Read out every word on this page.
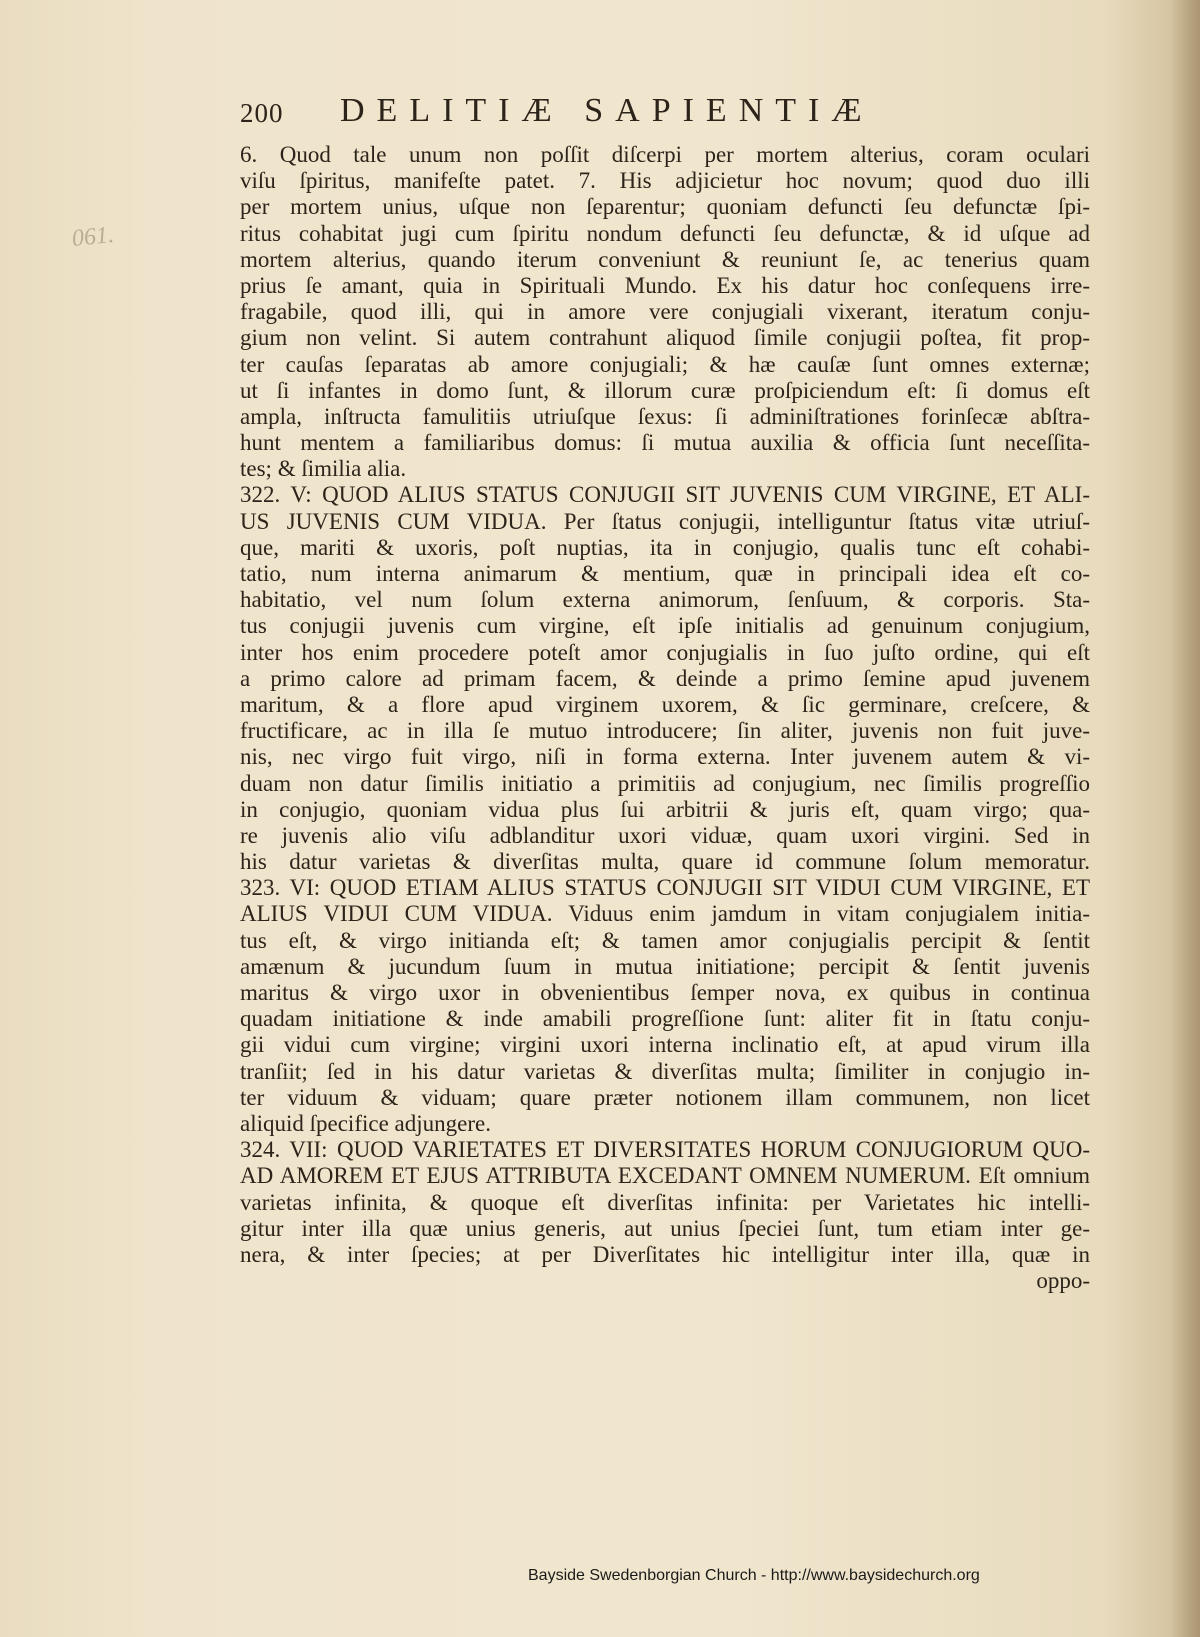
200 DELITIÆ SAPIENTIÆ
061.
6. Quod tale unum non poſſit diſcerpi per mortem alterius, coram oculari
viſu ſpiritus, manifeſte patet. 7. His adjicietur hoc novum; quod duo illi
per mortem unius, uſque non ſeparentur; quoniam defuncti ſeu defunctæ ſpi-
ritus cohabitat jugi cum ſpiritu nondum defuncti ſeu defunctæ, & id uſque ad
mortem alterius, quando iterum conveniunt & reuniunt ſe, ac tenerius quam
prius ſe amant, quia in Spirituali Mundo. Ex his datur hoc conſequens irre-
fragabile, quod illi, qui in amore vere conjugiali vixerant, iteratum conju-
gium non velint. Si autem contrahunt aliquod ſimile conjugii poſtea, fit prop-
ter cauſas ſeparatas ab amore conjugiali; & hæ cauſæ ſunt omnes externæ;
ut ſi infantes in domo ſunt, & illorum curæ proſpiciendum eſt: ſi domus eſt
ampla, inſtructa famulitiis utriuſque ſexus: ſi adminiſtrationes forinſecæ abſtra-
hunt mentem a familiaribus domus: ſi mutua auxilia & officia ſunt neceſſita-
tes; & ſimilia alia.
322. V: QUOD ALIUS STATUS CONJUGII SIT JUVENIS CUM VIRGINE, ET ALI-
US JUVENIS CUM VIDUA. Per ſtatus conjugii, intelliguntur ſtatus vitæ utriuſ-
que, mariti & uxoris, poſt nuptias, ita in conjugio, qualis tunc eſt cohabi-
tatio, num interna animarum & mentium, quæ in principali idea eſt co-
habitatio, vel num ſolum externa animorum, ſenſuum, & corporis. Sta-
tus conjugii juvenis cum virgine, eſt ipſe initialis ad genuinum conjugium,
inter hos enim procedere poteſt amor conjugialis in ſuo juſto ordine, qui eſt
a primo calore ad primam facem, & deinde a primo ſemine apud juvenem
maritum, & a flore apud virginem uxorem, & ſic germinare, creſcere, &
fructificare, ac in illa ſe mutuo introducere; ſin aliter, juvenis non fuit juve-
nis, nec virgo fuit virgo, niſi in forma externa. Inter juvenem autem & vi-
duam non datur ſimilis initiatio a primitiis ad conjugium, nec ſimilis progreſſio
in conjugio, quoniam vidua plus ſui arbitrii & juris eſt, quam virgo; qua-
re juvenis alio viſu adblanditur uxori viduæ, quam uxori virgini. Sed in
his datur varietas & diverſitas multa, quare id commune ſolum memoratur.
323. VI: QUOD ETIAM ALIUS STATUS CONJUGII SIT VIDUI CUM VIRGINE, ET
ALIUS VIDUI CUM VIDUA. Viduus enim jamdum in vitam conjugialem initia-
tus eſt, & virgo initianda eſt; & tamen amor conjugialis percipit & ſentit
amænum & jucundum ſuum in mutua initiatione; percipit & ſentit juvenis
maritus & virgo uxor in obvenientibus ſemper nova, ex quibus in continua
quadam initiatione & inde amabili progreſſione ſunt: aliter fit in ſtatu conju-
gii vidui cum virgine; virgini uxori interna inclinatio eſt, at apud virum illa
tranſiit; ſed in his datur varietas & diverſitas multa; ſimiliter in conjugio in-
ter viduum & viduam; quare præter notionem illam communem, non licet
aliquid ſpecifice adjungere.
324. VII: QUOD VARIETATES ET DIVERSITATES HORUM CONJUGIORUM QUO-
AD AMOREM ET EJUS ATTRIBUTA EXCEDANT OMNEM NUMERUM. Eſt omnium
varietas infinita, & quoque eſt diverſitas infinita: per Varietates hic intelli-
gitur inter illa quæ unius generis, aut unius ſpeciei ſunt, tum etiam inter ge-
nera, & inter ſpecies; at per Diverſitates hic intelligitur inter illa, quæ in
oppo-
Bayside Swedenborgian Church - http://www.baysidechurch.org
